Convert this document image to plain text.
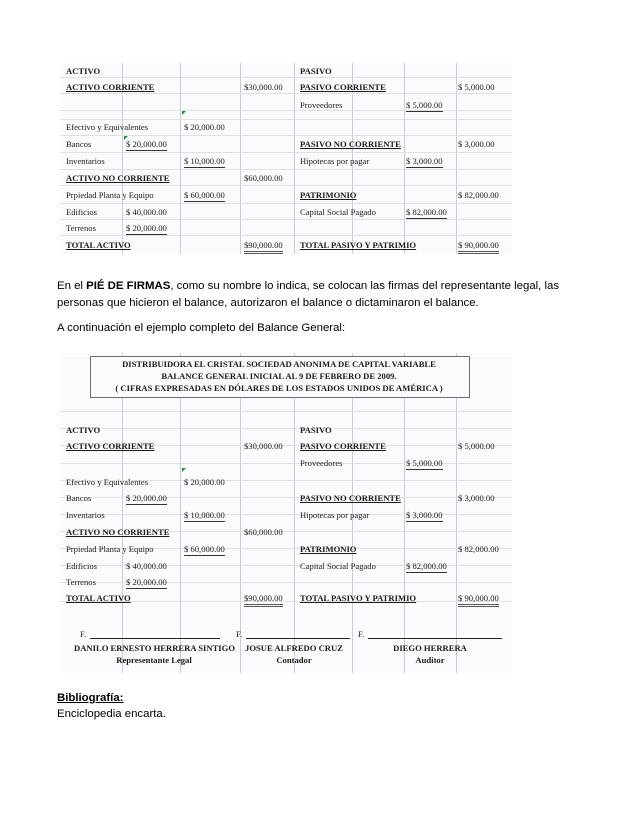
ACTIVO	PASIVO
ACTIVO CORRIENTE	$30,000.00 PASIVO CORRIENTE	$ 5,000.00
Proveedores	$ 5,000.00
Efectivo y Equivalentes	$ 20,000.00
Bancos	$ 20,000.00	PASIVO NO CORRIENTE	$ 3,000.00
Inventarios	$ 10,000.00	Hipotecas por pagar	$ 3,000.00
ACTIVO NO CORRIENTE	$60,000.00
Prpiedad Planta y Equipo	$ 60,000.00	PATRIMONIO	$ 82,000.00
Edificios	$ 40,000.00	Capital Social Pagado	$ 82,000.00
Terrenos	$ 20,000.00
TOTAL ACTIVO	$90,000.00 TOTAL PASIVO Y PATRIMIO	$ 90,000.00
En el PIÉ DE FIRMAS, como su nombre lo indica, se colocan las firmas del representante legal, las personas que hicieron el balance, autorizaron el balance o dictaminaron el balance.
A continuación el ejemplo completo del Balance General:
DISTRIBUIDORA EL CRISTAL SOCIEDAD ANONIMA DE CAPITAL VARIABLE
BALANCE GENERAL INICIAL AL 9 DE FEBRERO DE 2009.
( CIFRAS EXPRESADAS EN DÓLARES DE LOS ESTADOS UNIDOS DE AMÉRICA )
ACTIVO	PASIVO
ACTIVO CORRIENTE	$30,000.00 PASIVO CORRIENTE	$ 5,000.00
Proveedores	$ 5,000.00
Efectivo y Equivalentes	$ 20,000.00
Bancos	$ 20,000.00	PASIVO NO CORRIENTE	$ 3,000.00
Inventarios	$ 10,000.00	Hipotecas por pagar	$ 3,000.00
ACTIVO NO CORRIENTE	$60,000.00
Prpiedad Planta y Equipo	$ 60,000.00	PATRIMONIO	$ 82,000.00
Edificios	$ 40,000.00	Capital Social Pagado	$ 82,000.00
Terrenos	$ 20,000.00
TOTAL ACTIVO	$90,000.00 TOTAL PASIVO Y PATRIMIO	$ 90,000.00
F.	F.	F.
DANILO ERNESTO HERRERA SINTIGO	JOSUE ALFREDO CRUZ	DIEGO HERRERA
Representante Legal	Contador	Auditor
Bibliografía:
Enciclopedia encarta.
